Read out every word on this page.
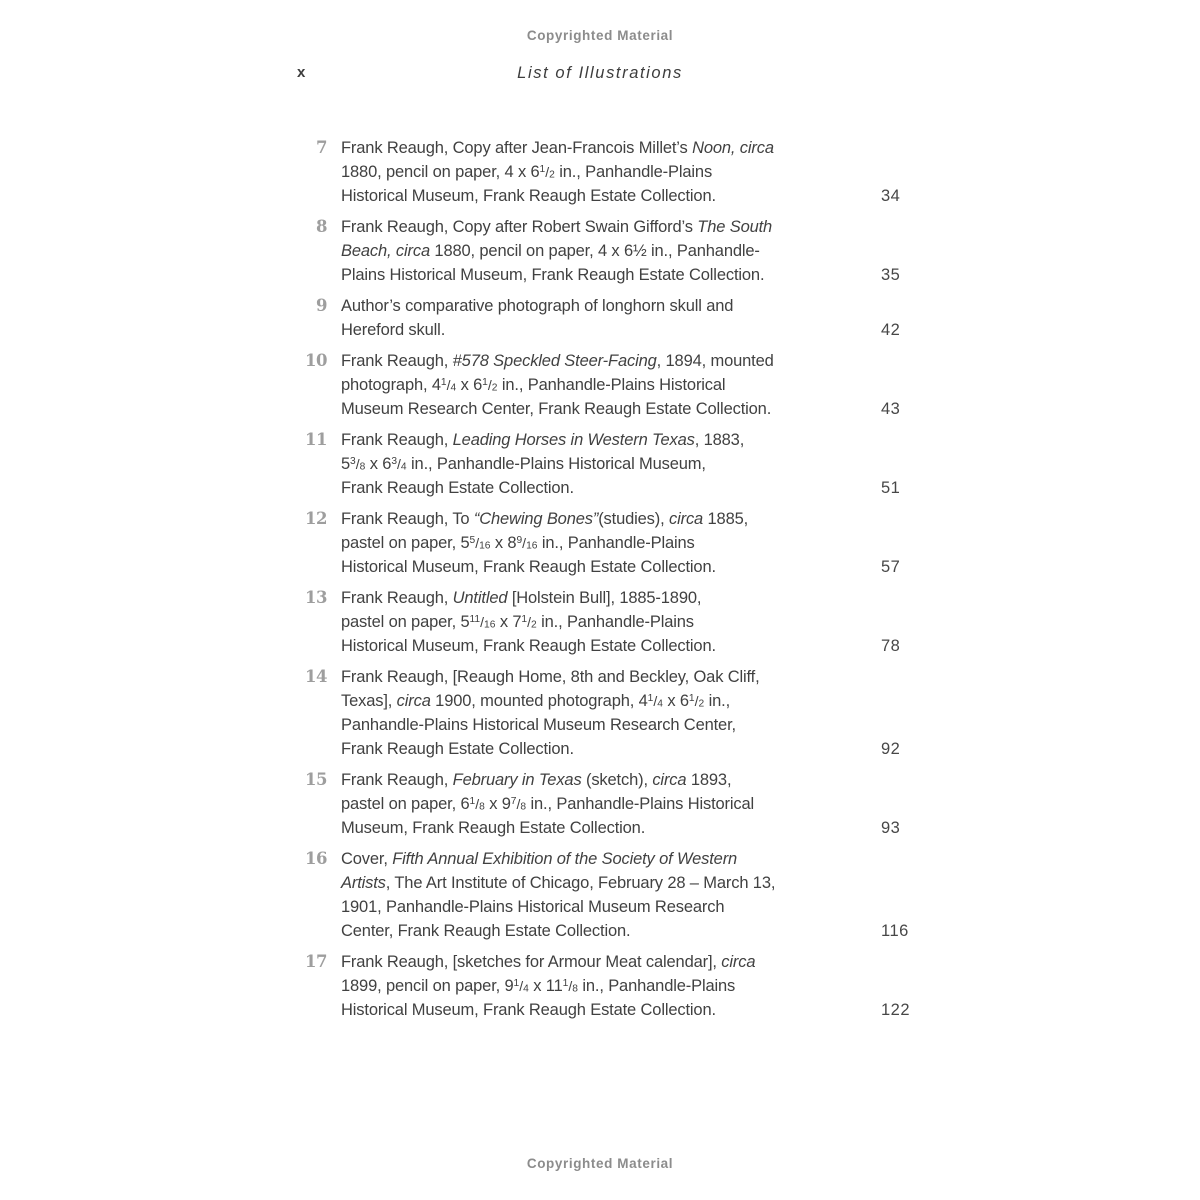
Copyrighted Material
x	List of Illustrations
7 Frank Reaugh, Copy after Jean-Francois Millet’s Noon, circa
1880, pencil on paper, 4 x $6^1/_2$ in., Panhandle-Plains
Historical Museum, Frank Reaugh Estate Collection.	34
8 Frank Reaugh, Copy after Robert Swain Gifford’s The South
Beach, circa 1880, pencil on paper, 4 x 6½ in., Panhandle-
Plains Historical Museum, Frank Reaugh Estate Collection.	35
9 Author’s comparative photograph of longhorn skull and
Hereford skull.	42
10 Frank Reaugh, #578 Speckled Steer-Facing, 1894, mounted
photograph, $4^1/_4$ x $6^1/_2$ in., Panhandle-Plains Historical
Museum Research Center, Frank Reaugh Estate Collection.	43
11 Frank Reaugh, Leading Horses in Western Texas, 1883,
$5^3/_8$ x $6^3/_4$ in., Panhandle-Plains Historical Museum,
Frank Reaugh Estate Collection.	51
12 Frank Reaugh, To “Chewing Bones”(studies), circa 1885,
pastel on paper, $5^5/_{16}$ x $8^9/_{16}$ in., Panhandle-Plains
Historical Museum, Frank Reaugh Estate Collection.	57
13 Frank Reaugh, Untitled [Holstein Bull], 1885-1890,
pastel on paper, $5^{11}/_{16}$ x $7^1/_2$ in., Panhandle-Plains
Historical Museum, Frank Reaugh Estate Collection.	78
14 Frank Reaugh, [Reaugh Home, 8th and Beckley, Oak Cliff,
Texas], circa 1900, mounted photograph, $4^1/_4$ x $6^1/_2$ in.,
Panhandle-Plains Historical Museum Research Center,
Frank Reaugh Estate Collection.	92
15 Frank Reaugh, February in Texas (sketch), circa 1893,
pastel on paper, $6^1/_8$ x $9^7/_8$ in., Panhandle-Plains Historical
Museum, Frank Reaugh Estate Collection.	93
16 Cover, Fifth Annual Exhibition of the Society of Western
Artists, The Art Institute of Chicago, February 28 – March 13,
1901, Panhandle-Plains Historical Museum Research
Center, Frank Reaugh Estate Collection.	116
17 Frank Reaugh, [sketches for Armour Meat calendar], circa
1899, pencil on paper, $9^1/_4$ x $11^1/_8$ in., Panhandle-Plains
Historical Museum, Frank Reaugh Estate Collection.	122
Copyrighted Material
